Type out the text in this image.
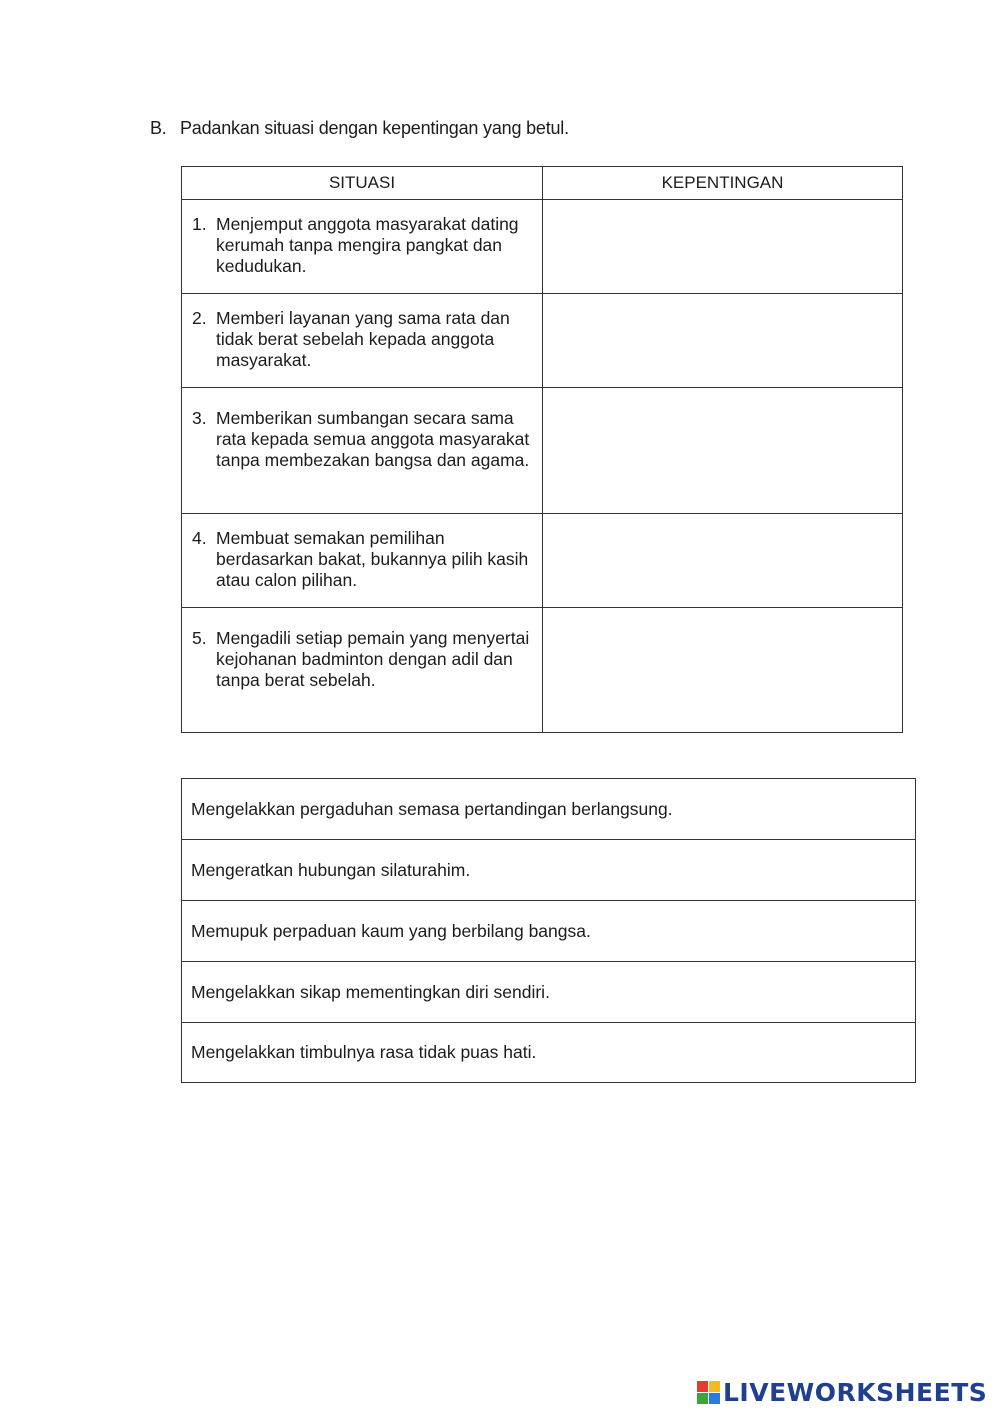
B. Padankan situasi dengan kepentingan yang betul.
SITUASI	KEPENTINGAN

1. Menjemput anggota masyarakat dating kerumah tanpa mengira pangkat dan kedudukan.	

2. Memberi layanan yang sama rata dan tidak berat sebelah kepada anggota masyarakat.	

3. Memberikan sumbangan secara sama rata kepada semua anggota masyarakat tanpa membezakan bangsa dan agama.	

4. Membuat semakan pemilihan berdasarkan bakat, bukannya pilih kasih atau calon pilihan.	

5. Mengadili setiap pemain yang menyertai kejohanan badminton dengan adil dan tanpa berat sebelah.	

Mengelakkan pergaduhan semasa pertandingan berlangsung.
Mengeratkan hubungan silaturahim.
Memupuk perpaduan kaum yang berbilang bangsa.
Mengelakkan sikap mementingkan diri sendiri.
Mengelakkan timbulnya rasa tidak puas hati.
LIVEWORKSHEETS
